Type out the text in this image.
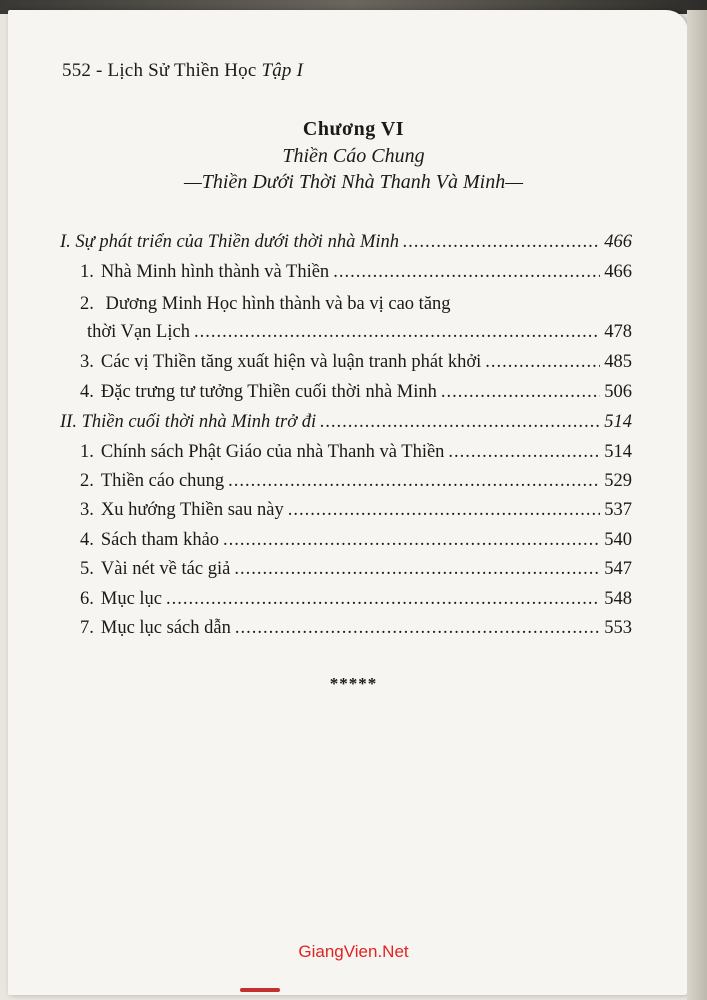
552 - Lịch Sử Thiền Học Tập I
Chương VI
Thiền Cáo Chung
—Thiền Dưới Thời Nhà Thanh Và Minh—
I. Sự phát triển của Thiền dưới thời nhà Minh .....	466
1. Nhà Minh hình thành và Thiền .....	466
2. Dương Minh Học hình thành và ba vị cao tăng
thời Vạn Lịch .....	478
3. Các vị Thiền tăng xuất hiện và luận tranh phát khởi .....	485
4. Đặc trưng tư tưởng Thiền cuối thời nhà Minh .....	506
II. Thiền cuối thời nhà Minh trở đi .....	514
1. Chính sách Phật Giáo của nhà Thanh và Thiền .....	514
2. Thiền cáo chung .....	529
3. Xu hướng Thiền sau này .....	537
4. Sách tham khảo .....	540
5. Vài nét về tác giả .....	547
6. Mục lục .....	548
7. Mục lục sách dẫn .....	553
*****
GiangVien.Net
